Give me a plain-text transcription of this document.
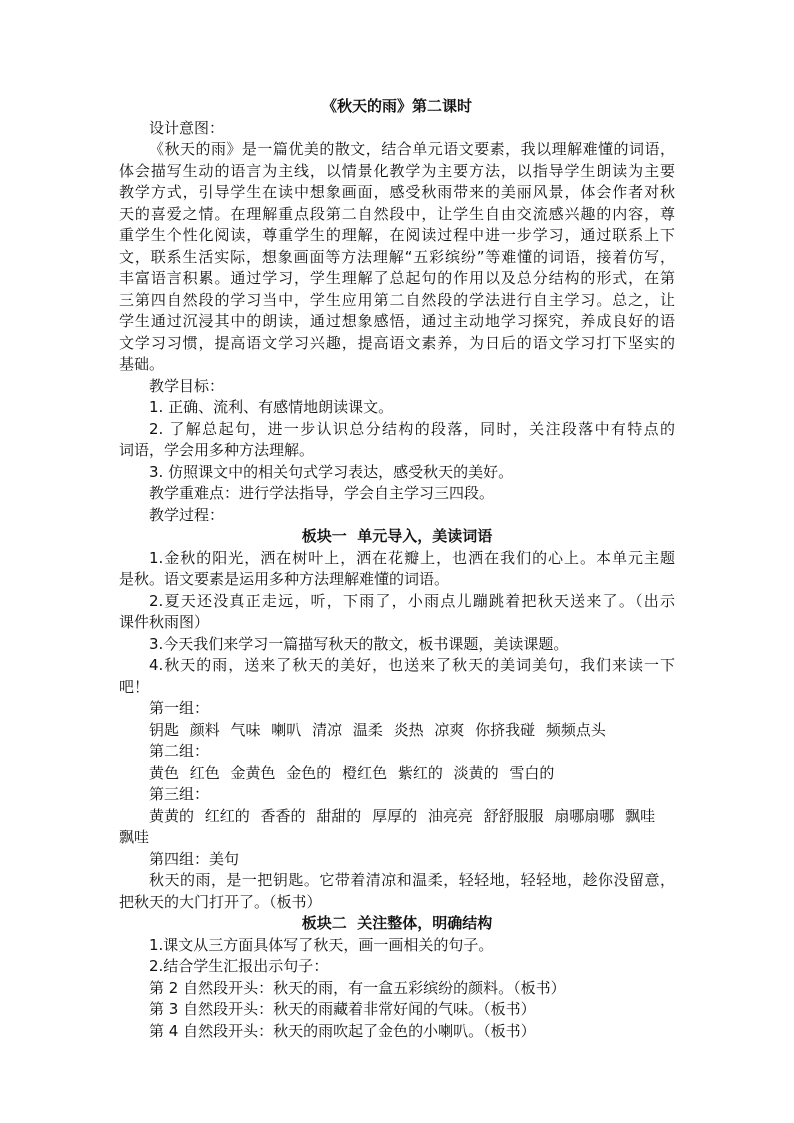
《秋天的雨》第二课时
设计意图：
《秋天的雨》是一篇优美的散文，结合单元语文要素，我以理解难懂的词语，
体会描写生动的语言为主线，以情景化教学为主要方法，以指导学生朗读为主要
教学方式，引导学生在读中想象画面，感受秋雨带来的美丽风景，体会作者对秋
天的喜爱之情。在理解重点段第二自然段中，让学生自由交流感兴趣的内容，尊
重学生个性化阅读，尊重学生的理解，在阅读过程中进一步学习，通过联系上下
文，联系生活实际，想象画面等方法理解“五彩缤纷”等难懂的词语，接着仿写，
丰富语言积累。通过学习，学生理解了总起句的作用以及总分结构的形式，在第
三第四自然段的学习当中，学生应用第二自然段的学法进行自主学习。总之，让
学生通过沉浸其中的朗读，通过想象感悟，通过主动地学习探究，养成良好的语
文学习习惯，提高语文学习兴趣，提高语文素养，为日后的语文学习打下坚实的
基础。
教学目标：
1. 正确、流利、有感情地朗读课文。
2. 了解总起句，进一步认识总分结构的段落，同时，关注段落中有特点的
词语，学会用多种方法理解。
3. 仿照课文中的相关句式学习表达，感受秋天的美好。
教学重难点：进行学法指导，学会自主学习三四段。
教学过程：
板块一  单元导入，美读词语
1.金秋的阳光，洒在树叶上，洒在花瓣上，也洒在我们的心上。本单元主题
是秋。语文要素是运用多种方法理解难懂的词语。
2.夏天还没真正走远，听，下雨了，小雨点儿蹦跳着把秋天送来了。（出示
课件秋雨图）
3.今天我们来学习一篇描写秋天的散文，板书课题，美读课题。
4.秋天的雨，送来了秋天的美好，也送来了秋天的美词美句，我们来读一下
吧！
第一组：
钥匙 颜料 气味 喇叭 清凉 温柔 炎热 凉爽 你挤我碰 频频点头
第二组：
黄色 红色 金黄色 金色的 橙红色 紫红的 淡黄的 雪白的
第三组：
黄黄的 红红的 香香的 甜甜的 厚厚的 油亮亮 舒舒服服 扇哪扇哪 飘哇
飘哇
第四组：美句
秋天的雨，是一把钥匙。它带着清凉和温柔，轻轻地，轻轻地，趁你没留意，
把秋天的大门打开了。（板书）
板块二  关注整体，明确结构
1.课文从三方面具体写了秋天，画一画相关的句子。
2.结合学生汇报出示句子：
第 2 自然段开头：秋天的雨，有一盒五彩缤纷的颜料。（板书）
第 3 自然段开头：秋天的雨藏着非常好闻的气味。（板书）
第 4 自然段开头：秋天的雨吹起了金色的小喇叭。（板书）
